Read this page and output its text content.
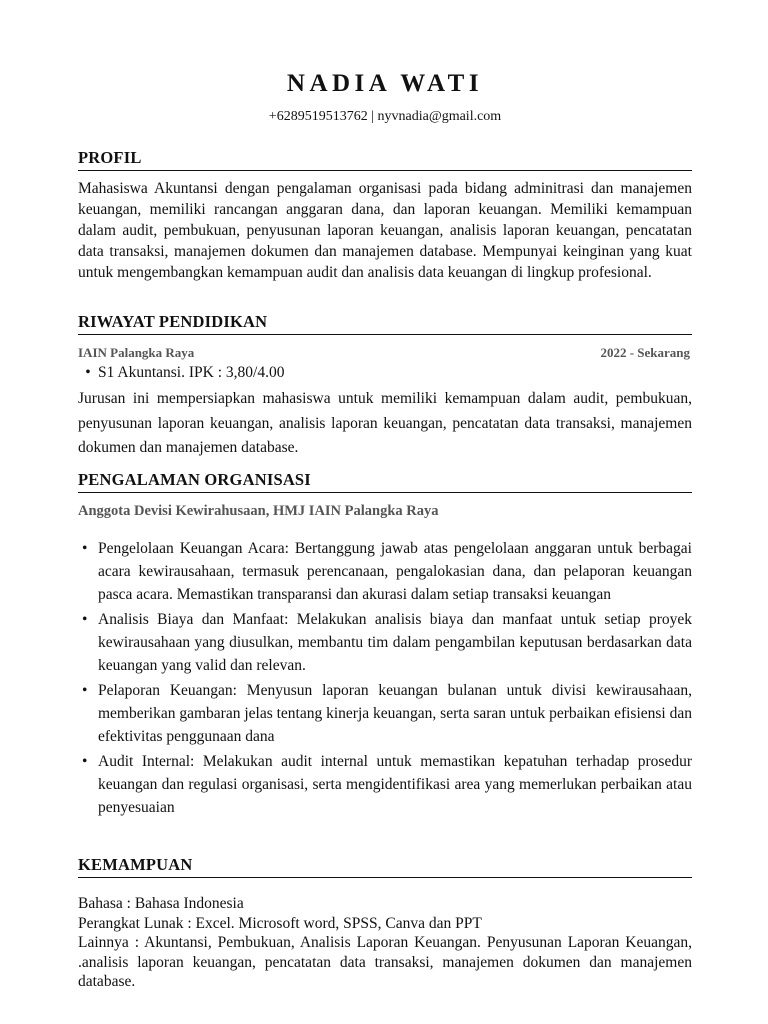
NADIA WATI
+6289519513762 | nyvnadia@gmail.com
PROFIL
Mahasiswa Akuntansi dengan pengalaman organisasi pada bidang adminitrasi dan manajemen keuangan, memiliki rancangan anggaran dana, dan laporan keuangan. Memiliki kemampuan dalam audit, pembukuan, penyusunan laporan keuangan, analisis laporan keuangan, pencatatan data transaksi, manajemen dokumen dan manajemen database. Mempunyai keinginan yang kuat untuk mengembangkan kemampuan audit dan analisis data keuangan di lingkup profesional.
RIWAYAT PENDIDIKAN
IAIN Palangka Raya	2022 - Sekarang
• S1 Akuntansi. IPK : 3,80/4.00
Jurusan ini mempersiapkan mahasiswa untuk memiliki kemampuan dalam audit, pembukuan, penyusunan laporan keuangan, analisis laporan keuangan, pencatatan data transaksi, manajemen dokumen dan manajemen database.
PENGALAMAN ORGANISASI
Anggota Devisi Kewirahusaan, HMJ IAIN Palangka Raya
• Pengelolaan Keuangan Acara: Bertanggung jawab atas pengelolaan anggaran untuk berbagai acara kewirausahaan, termasuk perencanaan, pengalokasian dana, dan pelaporan keuangan pasca acara. Memastikan transparansi dan akurasi dalam setiap transaksi keuangan
• Analisis Biaya dan Manfaat: Melakukan analisis biaya dan manfaat untuk setiap proyek kewirausahaan yang diusulkan, membantu tim dalam pengambilan keputusan berdasarkan data keuangan yang valid dan relevan.
• Pelaporan Keuangan: Menyusun laporan keuangan bulanan untuk divisi kewirausahaan, memberikan gambaran jelas tentang kinerja keuangan, serta saran untuk perbaikan efisiensi dan efektivitas penggunaan dana
• Audit Internal: Melakukan audit internal untuk memastikan kepatuhan terhadap prosedur keuangan dan regulasi organisasi, serta mengidentifikasi area yang memerlukan perbaikan atau penyesuaian
KEMAMPUAN
Bahasa : Bahasa Indonesia
Perangkat Lunak : Excel. Microsoft word, SPSS, Canva dan PPT
Lainnya : Akuntansi, Pembukuan, Analisis Laporan Keuangan. Penyusunan Laporan Keuangan, .analisis laporan keuangan, pencatatan data transaksi, manajemen dokumen dan manajemen database.
